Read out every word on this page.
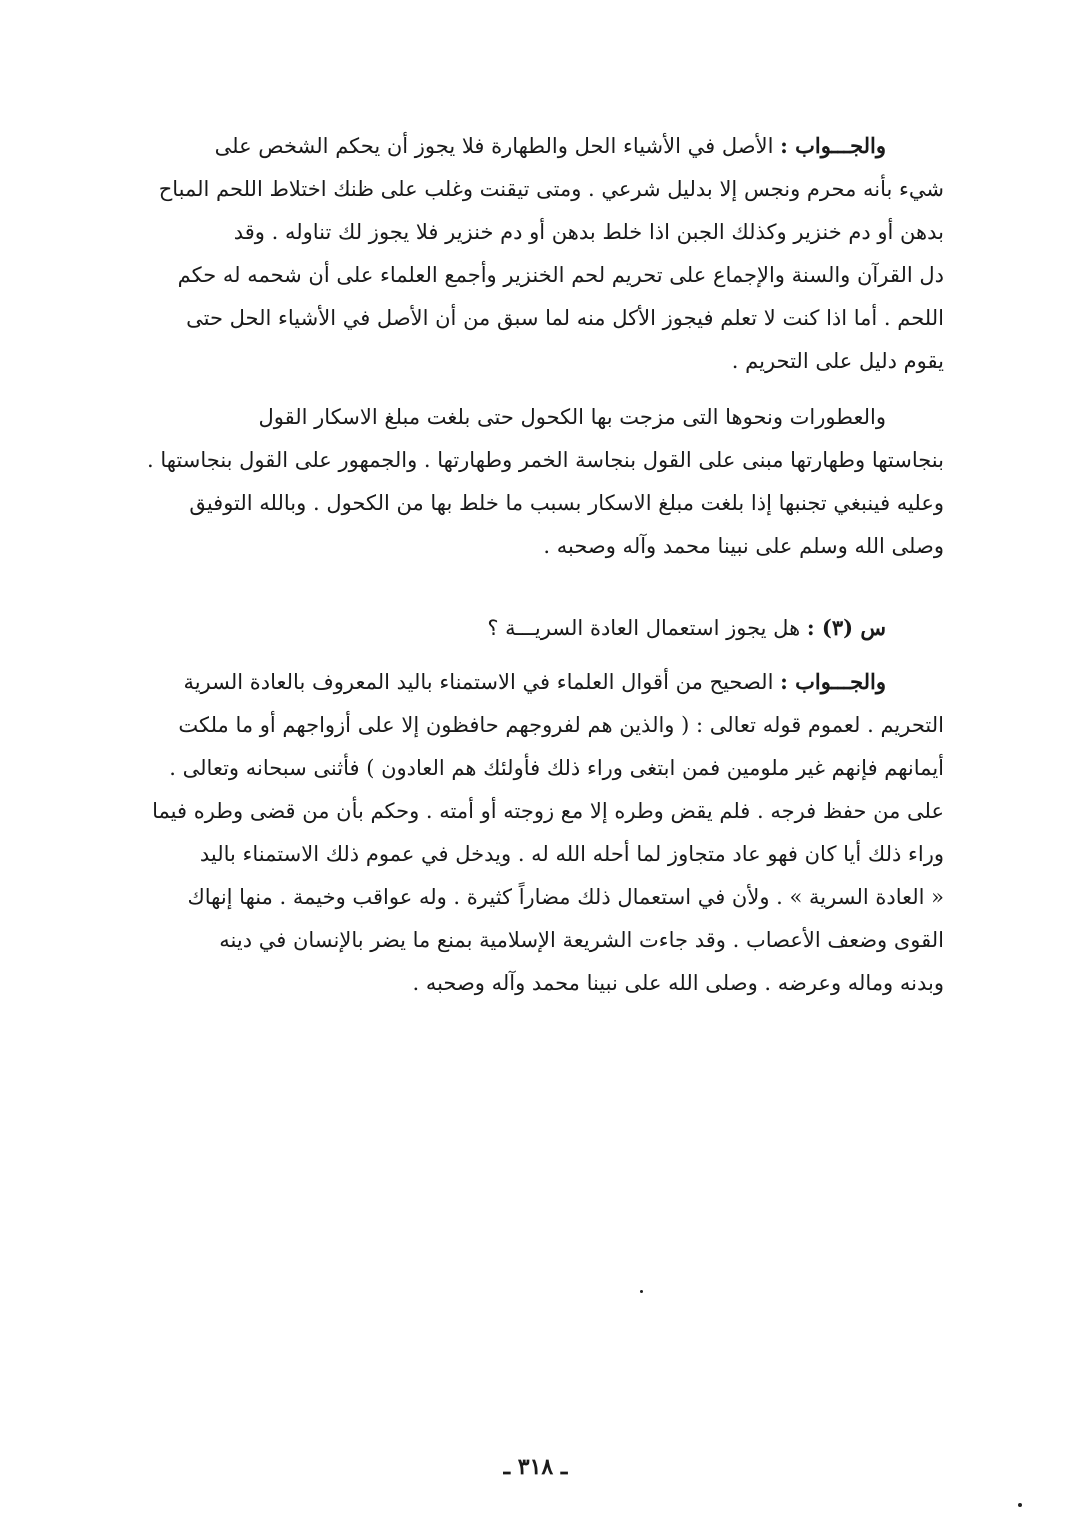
والجـــواب : الأصل في الأشياء الحل والطهارة فلا يجوز أن يحكم الشخص على
شيء بأنه محرم ونجس إلا بدليل شرعي . ومتى تيقنت وغلب على ظنك اختلاط اللحم المباح
بدهن أو دم خنزير وكذلك الجبن اذا خلط بدهن أو دم خنزير فلا يجوز لك تناوله . وقد
دل القرآن والسنة والإجماع على تحريم لحم الخنزير وأجمع العلماء على أن شحمه له حكم
اللحم . أما اذا كنت لا تعلم فيجوز الأكل منه لما سبق من أن الأصل في الأشياء الحل حتى
يقوم دليل على التحريم .

والعطورات ونحوها التى مزجت بها الكحول حتى بلغت مبلغ الاسكار القول
بنجاستها وطهارتها مبنى على القول بنجاسة الخمر وطهارتها . والجمهور على القول بنجاستها .
وعليه فينبغي تجنبها إذا بلغت مبلغ الاسكار بسبب ما خلط بها من الكحول . وبالله التوفيق
وصلى الله وسلم على نبينا محمد وآله وصحبه .

س (٣) : هل يجوز استعمال العادة السريـــة ؟

والجـــواب : الصحيح من أقوال العلماء في الاستمناء باليد المعروف بالعادة السرية
التحريم . لعموم قوله تعالى : ( والذين هم لفروجهم حافظون إلا على أزواجهم أو ما ملكت
أيمانهم فإنهم غير ملومين فمن ابتغى وراء ذلك فأولئك هم العادون ) فأثنى سبحانه وتعالى .
على من حفظ فرجه . فلم يقض وطره إلا مع زوجته أو أمته . وحكم بأن من قضى وطره فيما
وراء ذلك أيا كان فهو عاد متجاوز لما أحله الله له . ويدخل في عموم ذلك الاستمناء باليد
« العادة السرية » . ولأن في استعمال ذلك مضاراً كثيرة . وله عواقب وخيمة . منها إنهاك
القوى وضعف الأعصاب . وقد جاءت الشريعة الإسلامية بمنع ما يضر بالإنسان في دينه
وبدنه وماله وعرضه . وصلى الله على نبينا محمد وآله وصحبه .

ـ ٣١٨ ـ
